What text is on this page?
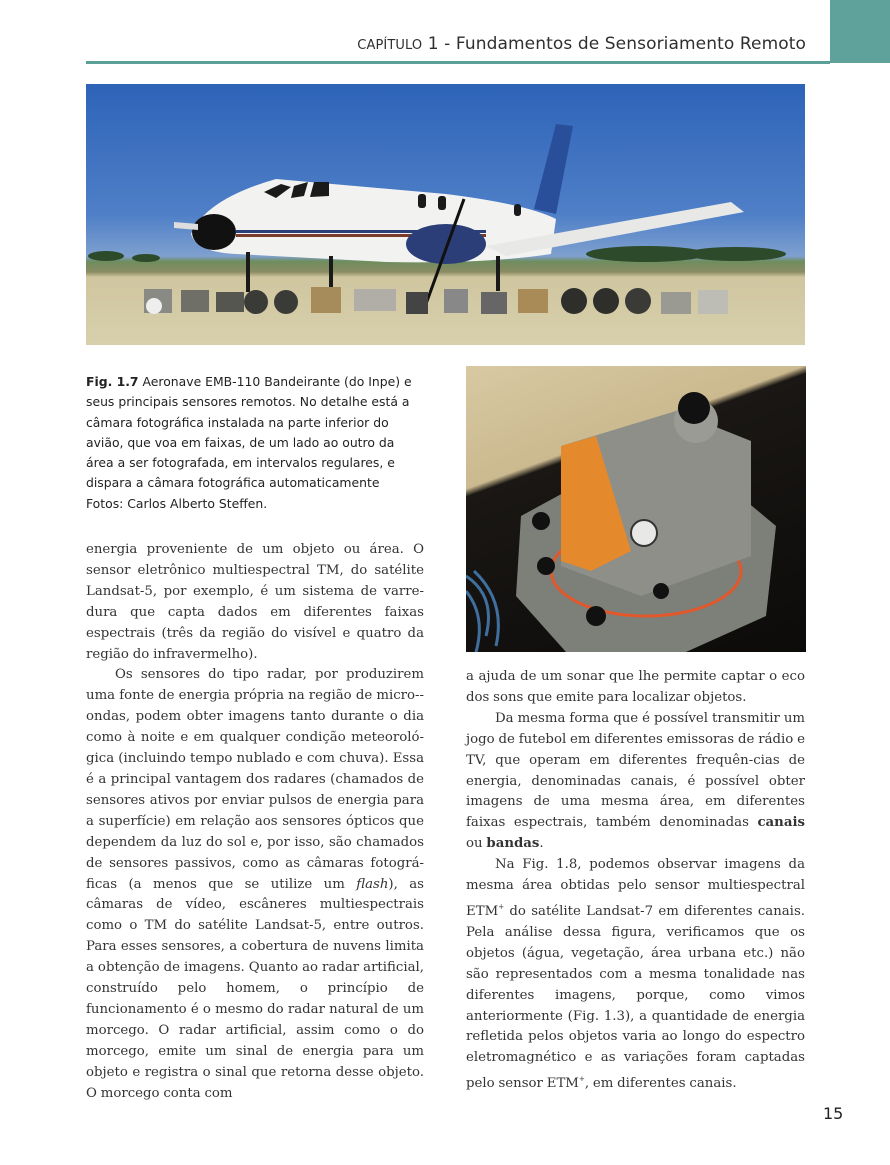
CAPÍTULO 1 - Fundamentos de Sensoriamento Remoto
Fig. 1.7 Aeronave EMB-110 Bandeirante (do Inpe) e seus principais sensores remotos. No detalhe está a câmara fotográfica instalada na parte inferior do avião, que voa em faixas, de um lado ao outro da área a ser fotografada, em intervalos regulares, e dispara a câmara fotográfica automaticamente
Fotos: Carlos Alberto Steffen.

energia proveniente de um objeto ou área. O sensor eletrônico multiespectral TM, do satélite Landsat-5, por exemplo, é um sistema de varre-dura que capta dados em diferentes faixas espectrais (três da região do visível e quatro da região do infravermelho).

Os sensores do tipo radar, por produzirem uma fonte de energia própria na região de micro--ondas, podem obter imagens tanto durante o dia como à noite e em qualquer condição meteoroló-gica (incluindo tempo nublado e com chuva). Essa é a principal vantagem dos radares (chamados de sensores ativos por enviar pulsos de energia para a superfície) em relação aos sensores ópticos que dependem da luz do sol e, por isso, são chamados de sensores passivos, como as câmaras fotográ-ficas (a menos que se utilize um flash), as câmaras de vídeo, escâneres multiespectrais como o TM do satélite Landsat-5, entre outros. Para esses sensores, a cobertura de nuvens limita a obtenção de imagens. Quanto ao radar artificial, construído pelo homem, o princípio de funcionamento é o mesmo do radar natural de um morcego. O radar artificial, assim como o do morcego, emite um sinal de energia para um objeto e registra o sinal que retorna desse objeto. O morcego conta com

a ajuda de um sonar que lhe permite captar o eco dos sons que emite para localizar objetos.

Da mesma forma que é possível transmitir um jogo de futebol em diferentes emissoras de rádio e TV, que operam em diferentes frequên-cias de energia, denominadas canais, é possível obter imagens de uma mesma área, em diferentes faixas espectrais, também denominadas canais ou bandas.

Na Fig. 1.8, podemos observar imagens da mesma área obtidas pelo sensor multiespectral ETM+ do satélite Landsat-7 em diferentes canais. Pela análise dessa figura, verificamos que os objetos (água, vegetação, área urbana etc.) não são representados com a mesma tonalidade nas diferentes imagens, porque, como vimos anteriormente (Fig. 1.3), a quantidade de energia refletida pelos objetos varia ao longo do espectro eletromagnético e as variações foram captadas pelo sensor ETM+, em diferentes canais.

15
